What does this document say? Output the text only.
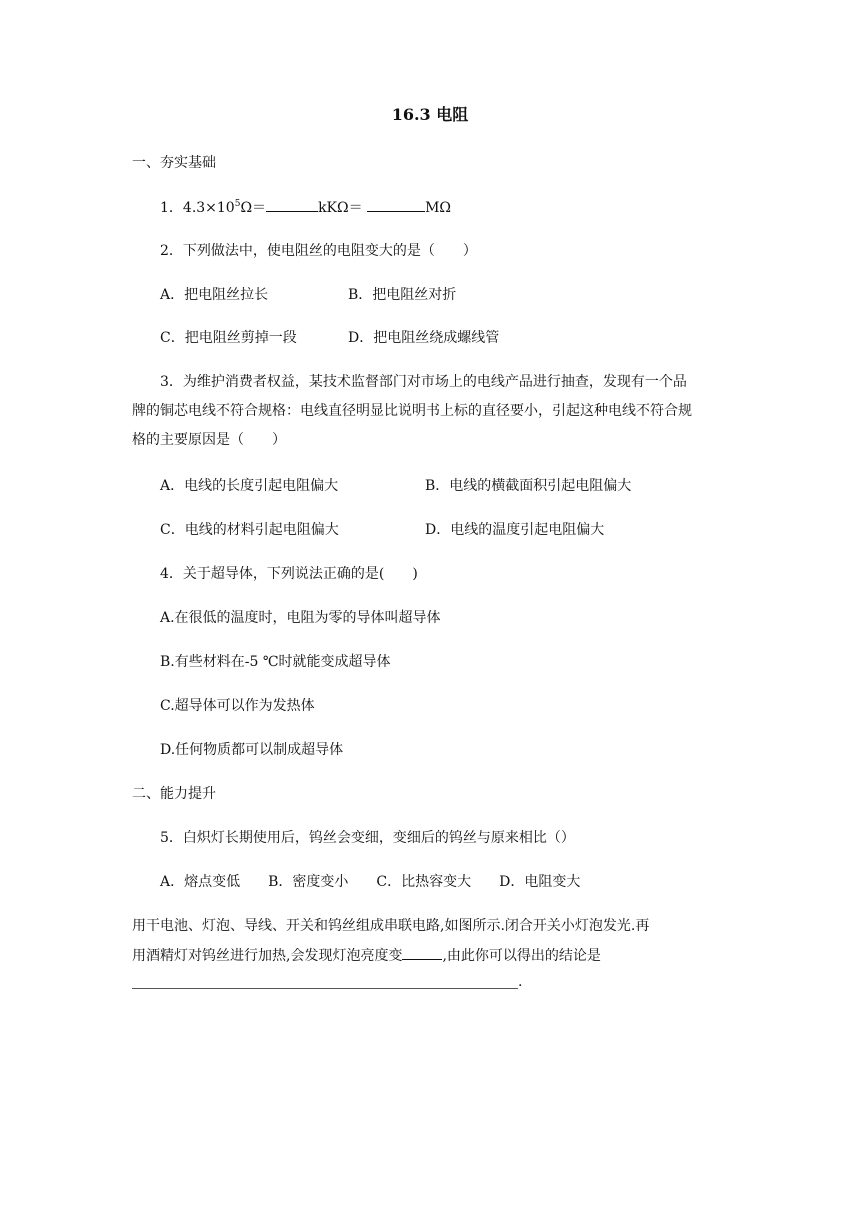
16.3 电阻
一、夯实基础
1．$4.3\times 10^5\Omega=$	kKΩ＝	MΩ
2．下列做法中，使电阻丝的电阻变大的是（　　）
A．把电阻丝拉长	B．把电阻丝对折
C．把电阻丝剪掉一段	D．把电阻丝绕成螺线管
3．为维护消费者权益，某技术监督部门对市场上的电线产品进行抽查，发现有一个品
牌的铜芯电线不符合规格：电线直径明显比说明书上标的直径要小，引起这种电线不符合规
格的主要原因是（　　）
A．电线的长度引起电阻偏大	B．电线的横截面积引起电阻偏大
C．电线的材料引起电阻偏大	D．电线的温度引起电阻偏大
4．关于超导体，下列说法正确的是(　　)
A.在很低的温度时，电阻为零的导体叫超导体
B.有些材料在-5 ℃时就能变成超导体
C.超导体可以作为发热体
D.任何物质都可以制成超导体
二、能力提升
5．白炽灯长期使用后，钨丝会变细，变细后的钨丝与原来相比（）
A．熔点变低　　B．密度变小　　C．比热容变大　　D．电阻变大
用干电池、灯泡、导线、开关和钨丝组成串联电路,如图所示.闭合开关小灯泡发光.再
用酒精灯对钨丝进行加热,会发现灯泡亮度变	,由此你可以得出的结论是
.
